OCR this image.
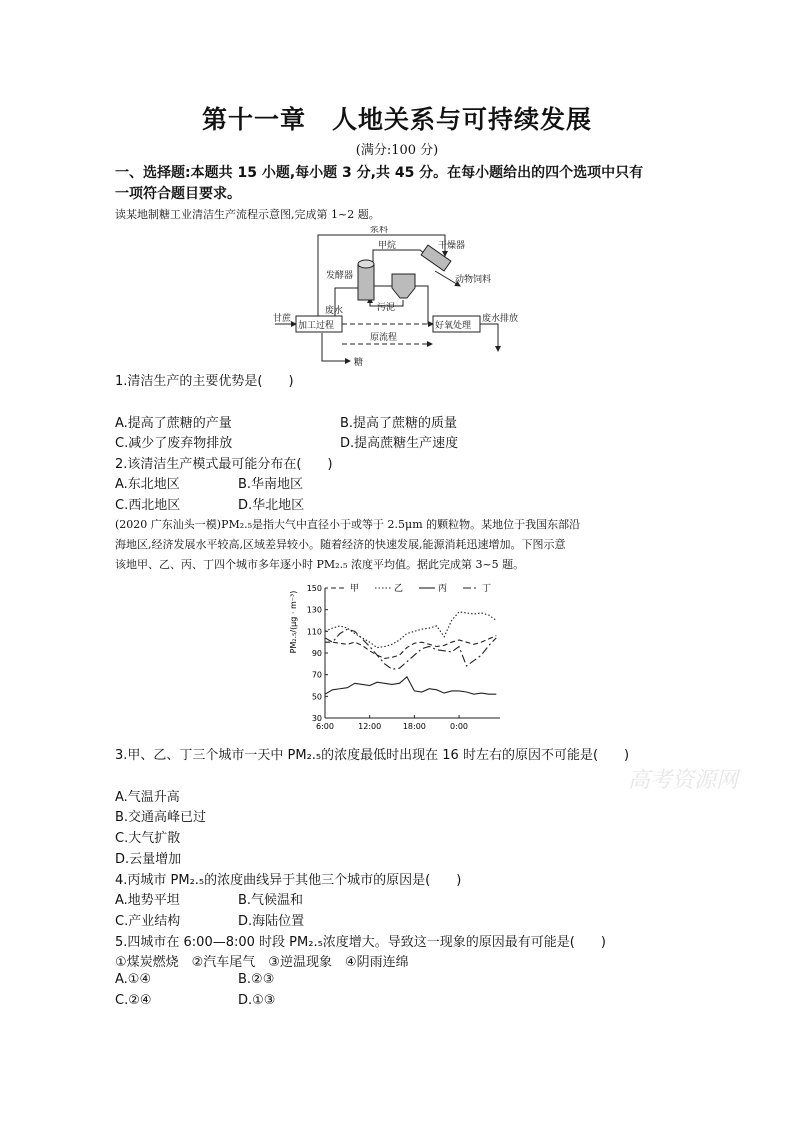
第十一章　人地关系与可持续发展
(满分:100 分)
一、选择题:本题共 15 小题,每小题 3 分,共 45 分。在每小题给出的四个选项中只有
一项符合题目要求。
读某地制糖工业清洁生产流程示意图,完成第 1~2 题。
浆料
甲烷	干燥器
动物饲料
发酵器
污泥
废水
甘蔗
加工过程
原流程
好氧处理
废水排放
糖
1.清洁生产的主要优势是(　　)
A.提高了蔗糖的产量	B.提高了蔗糖的质量
C.减少了废弃物排放	D.提高蔗糖生产速度
2.该清洁生产模式最可能分布在(　　)
A.东北地区	B.华南地区
C.西北地区	D.华北地区
(2020 广东汕头一模)PM₂.₅是指大气中直径小于或等于 2.5μm 的颗粒物。某地位于我国东部沿
海地区,经济发展水平较高,区域差异较小。随着经济的快速发展,能源消耗迅速增加。下图示意
该地甲、乙、丙、丁四个城市多年逐小时 PM₂.₅ 浓度平均值。据此完成第 3~5 题。
30
50
70
90
110
130
150
6:00	12:00	18:00	0:00
甲	乙	丙	丁
PM₂.₅/(μg · m⁻³)
3.甲、乙、丁三个城市一天中 PM₂.₅的浓度最低时出现在 16 时左右的原因不可能是(　　)
高考资源网
A.气温升高
B.交通高峰已过
C.大气扩散
D.云量增加
4.丙城市 PM₂.₅的浓度曲线异于其他三个城市的原因是(　　)
A.地势平坦	B.气候温和
C.产业结构	D.海陆位置
5.四城市在 6:00—8:00 时段 PM₂.₅浓度增大。导致这一现象的原因最有可能是(　　)
①煤炭燃烧　②汽车尾气　③逆温现象　④阴雨连绵
A.①④	B.②③
C.②④	D.①③
